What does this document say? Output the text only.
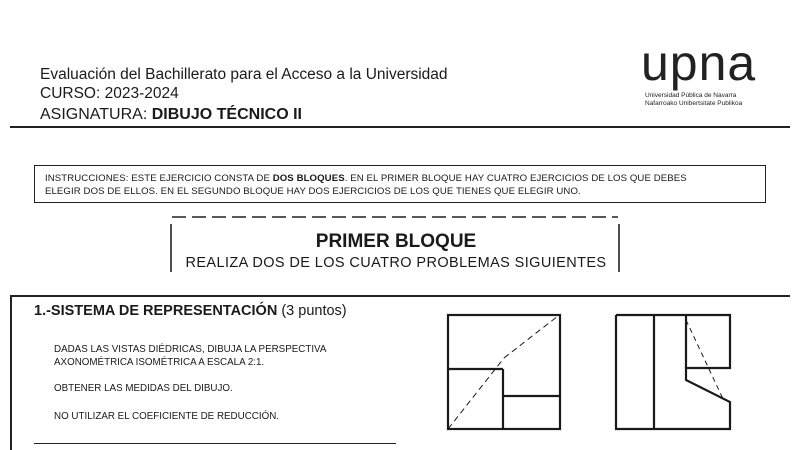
Evaluación del Bachillerato para el Acceso a la Universidad
CURSO: 2023-2024
ASIGNATURA: DIBUJO TÉCNICO II
upna
Universidad Pública de Navarra
Nafarroako Unibertsitate Publikoa
INSTRUCCIONES: ESTE EJERCICIO CONSTA DE DOS BLOQUES. EN EL PRIMER BLOQUE HAY CUATRO EJERCICIOS DE LOS QUE DEBES
ELEGIR DOS DE ELLOS. EN EL SEGUNDO BLOQUE HAY DOS EJERCICIOS DE LOS QUE TIENES QUE ELEGIR UNO.
PRIMER BLOQUE
REALIZA DOS DE LOS CUATRO PROBLEMAS SIGUIENTES
1.-SISTEMA DE REPRESENTACIÓN (3 puntos)
DADAS LAS VISTAS DIÉDRICAS, DIBUJA LA PERSPECTIVA
AXONOMÉTRICA ISOMÉTRICA A ESCALA 2:1.
OBTENER LAS MEDIDAS DEL DIBUJO.
NO UTILIZAR EL COEFICIENTE DE REDUCCIÓN.
